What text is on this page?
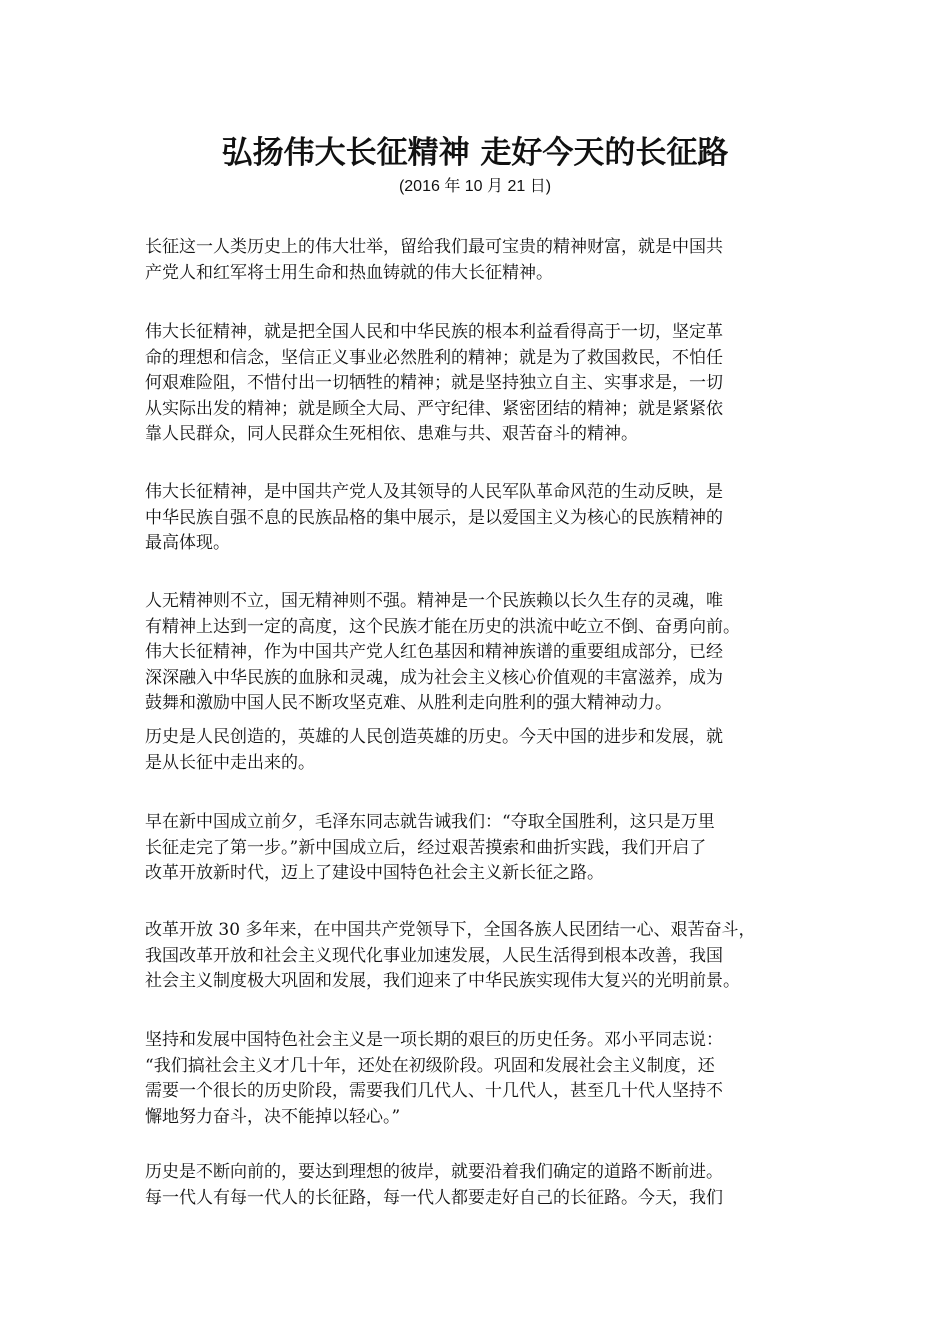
弘扬伟大长征精神 走好今天的长征路
(2016 年 10 月 21 日)

长征这一人类历史上的伟大壮举，留给我们最可宝贵的精神财富，就是中国共
产党人和红军将士用生命和热血铸就的伟大长征精神。

伟大长征精神，就是把全国人民和中华民族的根本利益看得高于一切，坚定革
命的理想和信念，坚信正义事业必然胜利的精神；就是为了救国救民，不怕任
何艰难险阻，不惜付出一切牺牲的精神；就是坚持独立自主、实事求是，一切
从实际出发的精神；就是顾全大局、严守纪律、紧密团结的精神；就是紧紧依
靠人民群众，同人民群众生死相依、患难与共、艰苦奋斗的精神。

伟大长征精神，是中国共产党人及其领导的人民军队革命风范的生动反映，是
中华民族自强不息的民族品格的集中展示，是以爱国主义为核心的民族精神的
最高体现。

人无精神则不立，国无精神则不强。精神是一个民族赖以长久生存的灵魂，唯
有精神上达到一定的高度，这个民族才能在历史的洪流中屹立不倒、奋勇向前。
伟大长征精神，作为中国共产党人红色基因和精神族谱的重要组成部分，已经
深深融入中华民族的血脉和灵魂，成为社会主义核心价值观的丰富滋养，成为
鼓舞和激励中国人民不断攻坚克难、从胜利走向胜利的强大精神动力。

历史是人民创造的，英雄的人民创造英雄的历史。今天中国的进步和发展，就
是从长征中走出来的。

早在新中国成立前夕，毛泽东同志就告诫我们：“夺取全国胜利，这只是万里
长征走完了第一步。”新中国成立后，经过艰苦摸索和曲折实践，我们开启了
改革开放新时代，迈上了建设中国特色社会主义新长征之路。

改革开放 30 多年来，在中国共产党领导下，全国各族人民团结一心、艰苦奋斗，
我国改革开放和社会主义现代化事业加速发展，人民生活得到根本改善，我国
社会主义制度极大巩固和发展，我们迎来了中华民族实现伟大复兴的光明前景。

坚持和发展中国特色社会主义是一项长期的艰巨的历史任务。邓小平同志说：
“我们搞社会主义才几十年，还处在初级阶段。巩固和发展社会主义制度，还
需要一个很长的历史阶段，需要我们几代人、十几代人，甚至几十代人坚持不
懈地努力奋斗，决不能掉以轻心。”

历史是不断向前的，要达到理想的彼岸，就要沿着我们确定的道路不断前进。
每一代人有每一代人的长征路，每一代人都要走好自己的长征路。今天，我们
